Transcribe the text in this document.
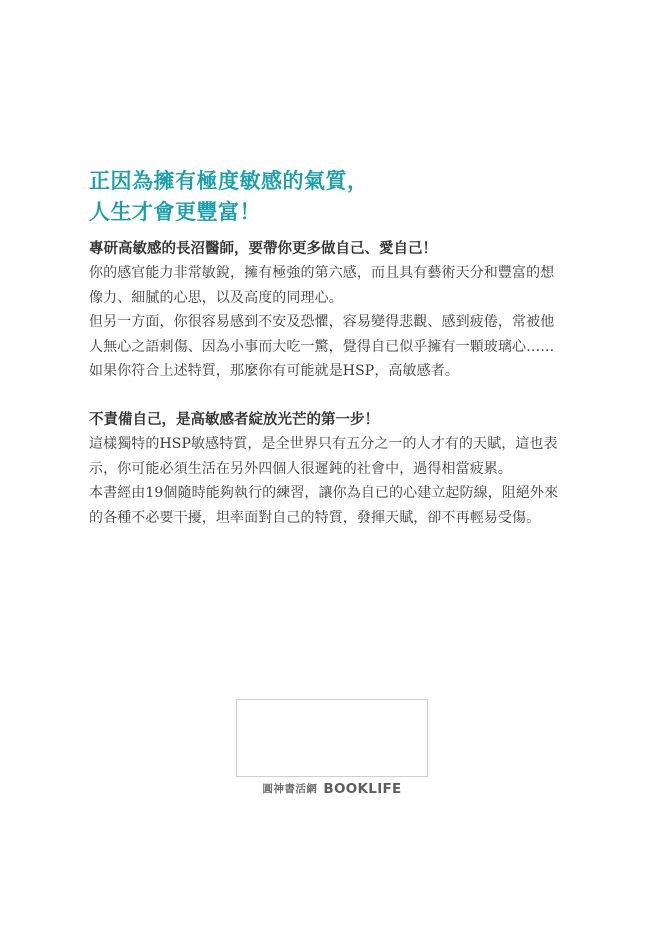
正因為擁有極度敏感的氣質，
人生才會更豐富！
專研高敏感的長沼醫師，要帶你更多做自己、愛自己！
你的感官能力非常敏銳，擁有極強的第六感，而且具有藝術天分和豐富的想
像力、細膩的心思，以及高度的同理心。
但另一方面，你很容易感到不安及恐懼，容易變得悲觀、感到疲倦，常被他
人無心之語刺傷、因為小事而大吃一驚，覺得自已似乎擁有一顆玻璃心……
如果你符合上述特質，那麼你有可能就是HSP，高敏感者。
不責備自己，是高敏感者綻放光芒的第一步！
這樣獨特的HSP敏感特質，是全世界只有五分之一的人才有的天賦，這也表
示，你可能必須生活在另外四個人很遲鈍的社會中，過得相當疲累。
本書經由19個隨時能夠執行的練習，讓你為自已的心建立起防線，阻絕外來
的各種不必要干擾，坦率面對自己的特質，發揮天賦，卻不再輕易受傷。
圓神書活網 BOOKLIFE
